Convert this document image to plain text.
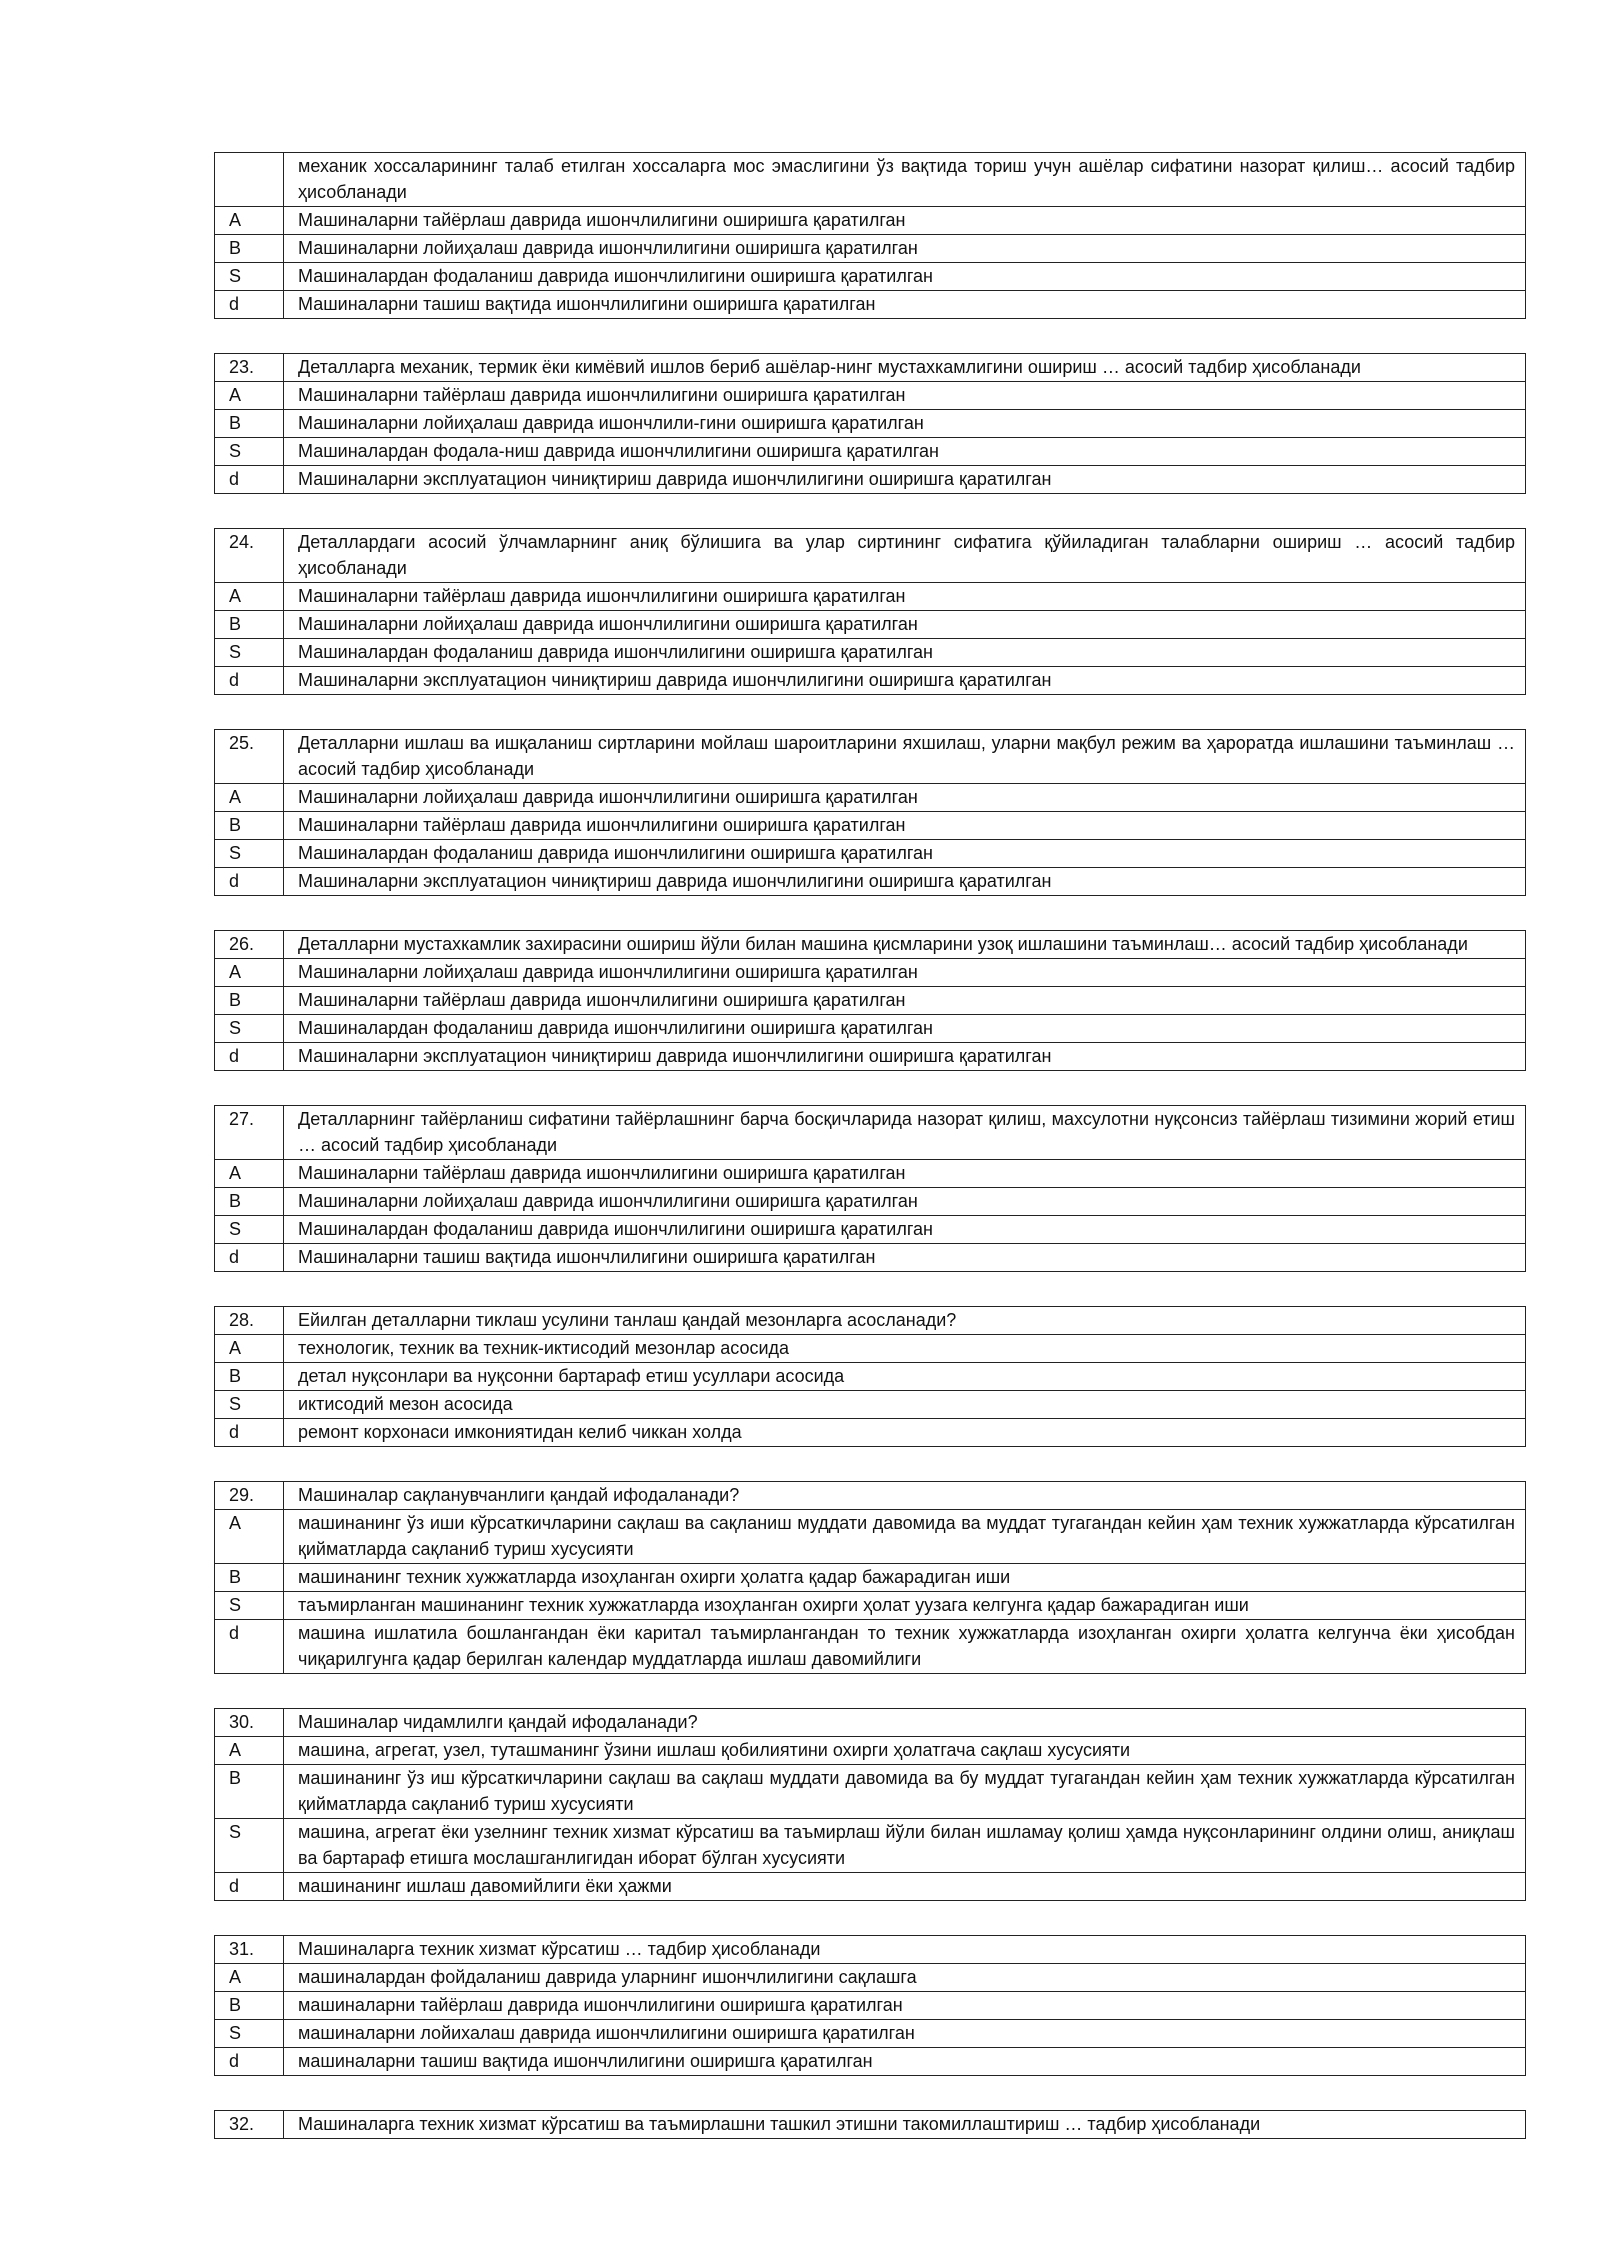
	механик хоссаларининг талаб етилган хоссаларга мос эмаслигини ўз вақтида ториш учун ашёлар сифатини назорат қилиш… асосий тадбир ҳисобланади
A	Машиналарни тайёрлаш даврида ишончлилигини оширишга қаратилган
B	Машиналарни лойиҳалаш даврида ишончлилигини оширишга қаратилган
S	Машиналардан фодаланиш даврида ишончлилигини оширишга қаратилган
d	Машиналарни ташиш вақтида ишончлилигини оширишга қаратилган
23.	Деталларга механик, термик ёки кимёвий ишлов бериб ашёлар-нинг мустахкамлигини ошириш … асосий тадбир ҳисобланади
A	Машиналарни тайёрлаш даврида ишончлилигини оширишга қаратилган
B	Машиналарни лойиҳалаш даврида ишончлили-гини оширишга қаратилган
S	Машиналардан фодала-ниш даврида ишончлилигини оширишга қаратилган
d	Машиналарни эксплуатацион чиниқтириш даврида ишончлилигини оширишга қаратилган
24.	Деталлардаги асосий ўлчамларнинг аниқ бўлишига ва улар сиртининг сифатига қўйиладиган талабларни ошириш … асосий тадбир ҳисобланади
A	Машиналарни тайёрлаш даврида ишончлилигини оширишга қаратилган
B	Машиналарни лойиҳалаш даврида ишончлилигини оширишга қаратилган
S	Машиналардан фодаланиш даврида ишончлилигини оширишга қаратилган
d	Машиналарни эксплуатацион чиниқтириш даврида ишончлилигини оширишга қаратилган
25.	Деталларни ишлаш ва ишқаланиш сиртларини мойлаш шароитларини яхшилаш, уларни мақбул режим ва ҳароратда ишлашини таъминлаш … асосий тадбир ҳисобланади
A	Машиналарни лойиҳалаш даврида ишончлилигини оширишга қаратилган
B	Машиналарни тайёрлаш даврида ишончлилигини оширишга қаратилган
S	Машиналардан фодаланиш даврида ишончлилигини оширишга қаратилган
d	Машиналарни эксплуатацион чиниқтириш даврида ишончлилигини оширишга қаратилган
26.	Деталларни мустахкамлик захирасини ошириш йўли билан машина қисмларини узоқ ишлашини таъминлаш… асосий тадбир ҳисобланади
A	Машиналарни лойиҳалаш даврида ишончлилигини оширишга қаратилган
B	Машиналарни тайёрлаш даврида ишончлилигини оширишга қаратилган
S	Машиналардан фодаланиш даврида ишончлилигини оширишга қаратилган
d	Машиналарни эксплуатацион чиниқтириш даврида ишончлилигини оширишга қаратилган
27.	Деталларнинг тайёрланиш сифатини тайёрлашнинг барча босқичларида назорат қилиш, махсулотни нуқсонсиз тайёрлаш тизимини жорий етиш … асосий тадбир ҳисобланади
A	Машиналарни тайёрлаш даврида ишончлилигини оширишга қаратилган
B	Машиналарни лойиҳалаш даврида ишончлилигини оширишга қаратилган
S	Машиналардан фодаланиш даврида ишончлилигини оширишга қаратилган
d	Машиналарни ташиш вақтида ишончлилигини оширишга қаратилган
28.	Ейилган деталларни тиклаш усулини танлаш қандай мезонларга асосланади?
A	технологик, техник ва техник-иктисодий мезонлар асосида
B	детал нуқсонлари ва нуқсонни бартараф етиш усуллари асосида
S	иктисодий мезон асосида
d	ремонт корхонаси имкониятидан келиб чиккан холда
29.	Машиналар сақланувчанлиги қандай ифодаланади?
A	машинанинг ўз иши кўрсаткичларини сақлаш ва сақланиш муддати давомида ва муддат тугагандан кейин ҳам техник хужжатларда кўрсатилган қийматларда сақланиб туриш хусусияти
B	машинанинг техник хужжатларда изоҳланган охирги ҳолатга қадар бажарадиган иши
S	таъмирланган машинанинг техник хужжатларда изоҳланган охирги ҳолат уузага келгунга қадар бажарадиган иши
d	машина ишлатила бошлангандан ёки каритал таъмирлангандан то техник хужжатларда изоҳланган охирги ҳолатга келгунча ёки ҳисобдан чиқарилгунга қадар берилган календар муддатларда ишлаш давомийлиги
30.	Машиналар чидамлилги қандай ифодаланади?
A	машина, агрегат, узел, туташманинг ўзини ишлаш қобилиятини охирги ҳолатгача сақлаш хусусияти
B	машинанинг ўз иш кўрсаткичларини сақлаш ва сақлаш муддати давомида ва бу муддат тугагандан кейин ҳам техник хужжатларда кўрсатилган қийматларда сақланиб туриш хусусияти
S	машина, агрегат ёки узелнинг техник хизмат кўрсатиш ва таъмирлаш йўли билан ишламау қолиш ҳамда нуқсонларининг олдини олиш, аниқлаш ва бартараф етишга мослашганлигидан иборат бўлган хусусияти
d	машинанинг ишлаш давомийлиги ёки ҳажми
31.	Машиналарга техник хизмат кўрсатиш … тадбир ҳисобланади
A	машиналардан фойдаланиш даврида уларнинг ишончлилигини сақлашга
B	машиналарни тайёрлаш даврида ишончлилигини оширишга қаратилган
S	машиналарни лойихалаш даврида ишончлилигини оширишга қаратилган
d	машиналарни ташиш вақтида ишончлилигини оширишга қаратилган
32.	Машиналарга техник хизмат кўрсатиш ва таъмирлашни ташкил этишни такомиллаштириш … тадбир ҳисобланади
